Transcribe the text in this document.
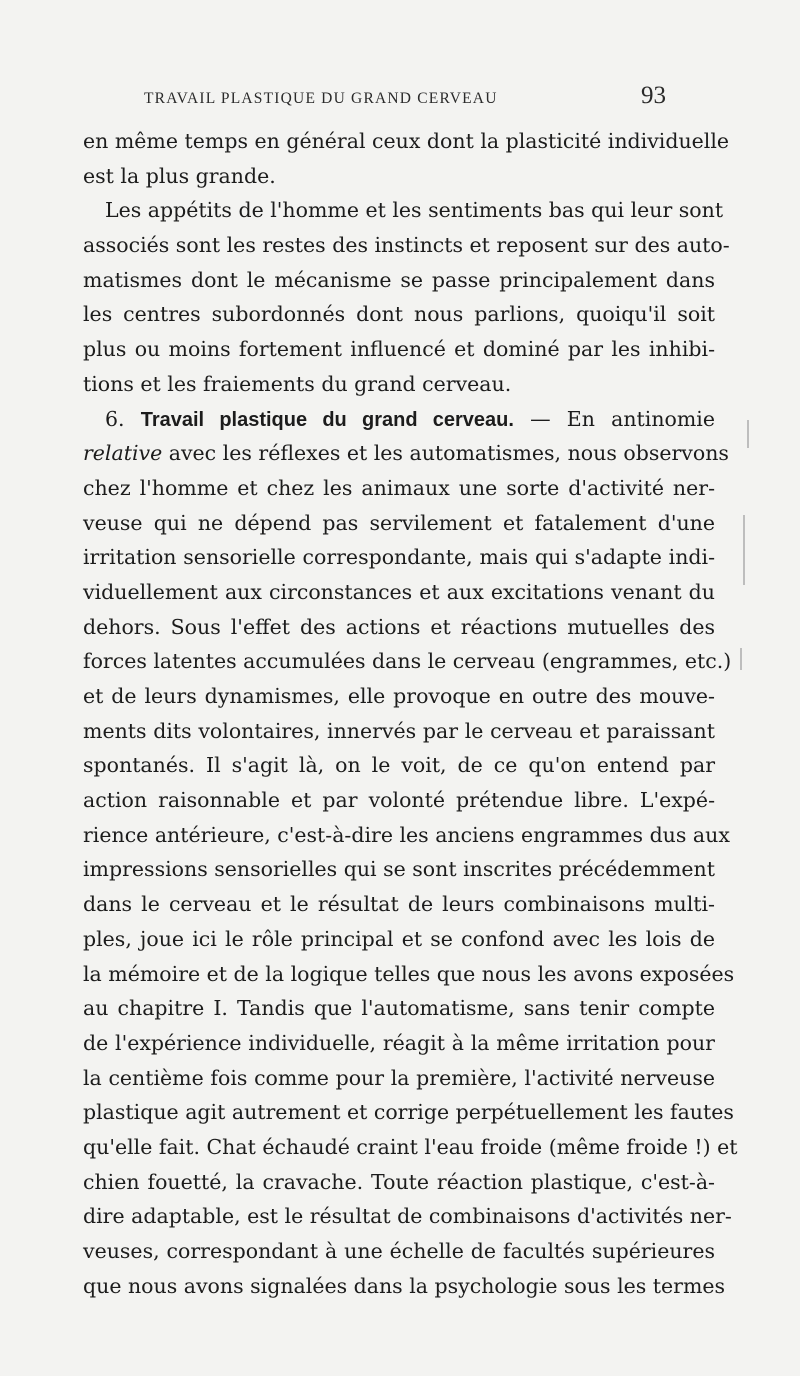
TRAVAIL PLASTIQUE DU GRAND CERVEAU	93
en même temps en général ceux dont la plasticité individuelle
est la plus grande.
Les appétits de l'homme et les sentiments bas qui leur sont
associés sont les restes des instincts et reposent sur des auto-
matismes dont le mécanisme se passe principalement dans
les centres subordonnés dont nous parlions, quoiqu'il soit
plus ou moins fortement influencé et dominé par les inhibi-
tions et les fraiements du grand cerveau.
6. Travail plastique du grand cerveau. — En antinomie
relative avec les réflexes et les automatismes, nous observons
chez l'homme et chez les animaux une sorte d'activité ner-
veuse qui ne dépend pas servilement et fatalement d'une
irritation sensorielle correspondante, mais qui s'adapte indi-
viduellement aux circonstances et aux excitations venant du
dehors. Sous l'effet des actions et réactions mutuelles des
forces latentes accumulées dans le cerveau (engrammes, etc.)
et de leurs dynamismes, elle provoque en outre des mouve-
ments dits volontaires, innervés par le cerveau et paraissant
spontanés. Il s'agit là, on le voit, de ce qu'on entend par
action raisonnable et par volonté prétendue libre. L'expé-
rience antérieure, c'est-à-dire les anciens engrammes dus aux
impressions sensorielles qui se sont inscrites précédemment
dans le cerveau et le résultat de leurs combinaisons multi-
ples, joue ici le rôle principal et se confond avec les lois de
la mémoire et de la logique telles que nous les avons exposées
au chapitre I. Tandis que l'automatisme, sans tenir compte
de l'expérience individuelle, réagit à la même irritation pour
la centième fois comme pour la première, l'activité nerveuse
plastique agit autrement et corrige perpétuellement les fautes
qu'elle fait. Chat échaudé craint l'eau froide (même froide !) et
chien fouetté, la cravache. Toute réaction plastique, c'est-à-
dire adaptable, est le résultat de combinaisons d'activités ner-
veuses, correspondant à une échelle de facultés supérieures
que nous avons signalées dans la psychologie sous les termes
